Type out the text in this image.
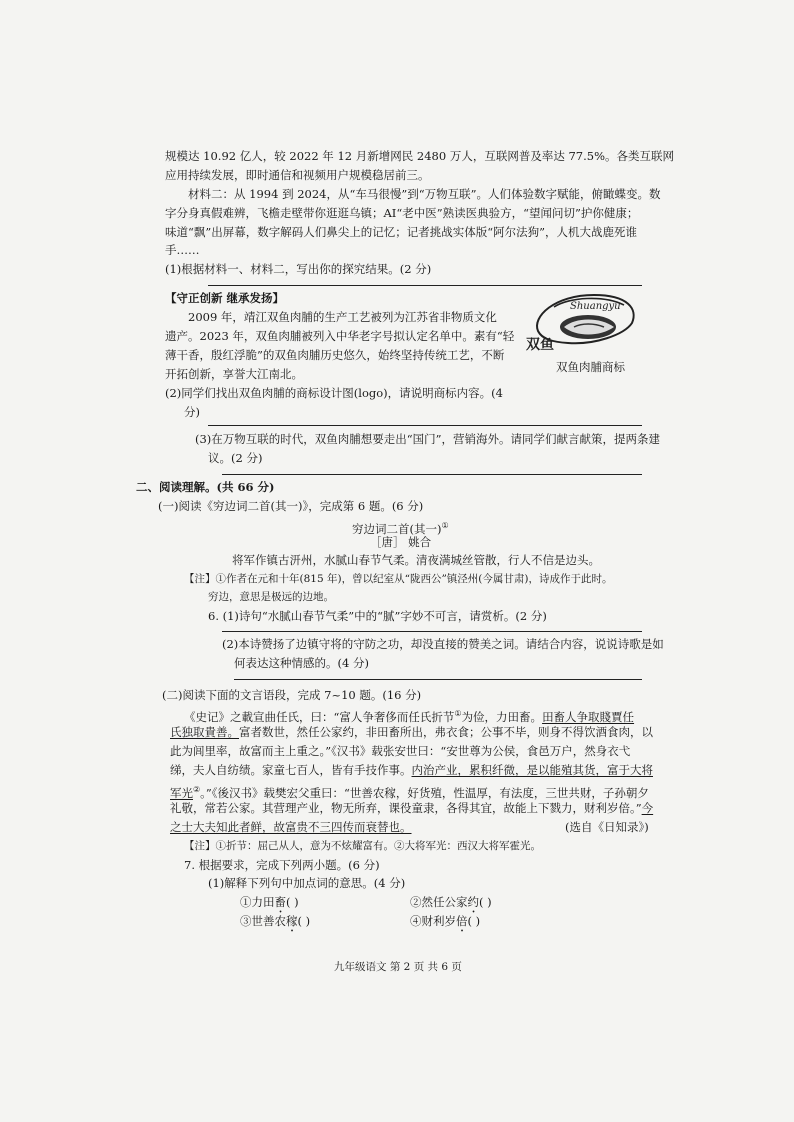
规模达 10.92 亿人，较 2022 年 12 月新增网民 2480 万人，互联网普及率达 77.5%。各类互联网
应用持续发展，即时通信和视频用户规模稳居前三。
材料二：从 1994 到 2024，从“车马很慢”到“万物互联”。人们体验数字赋能，俯瞰蝶变。数
字分身真假难辨，飞檐走壁带你逛逛乌镇；AI“老中医”熟读医典验方，“望闻问切”护你健康；
味道“飘”出屏幕，数字解码人们鼻尖上的记忆；记者挑战实体版“阿尔法狗”，人机大战鹿死谁
手……
(1)根据材料一、材料二，写出你的探究结果。(2 分)
【守正创新 继承发扬】
2009 年，靖江双鱼肉脯的生产工艺被列为江苏省非物质文化
遗产。2023 年，双鱼肉脯被列入中华老字号拟认定名单中。素有“轻
薄干香，殷红浮脆”的双鱼肉脯历史悠久，始终坚持传统工艺，不断
开拓创新，享誉大江南北。
(2)同学们找出双鱼肉脯的商标设计图(logo)，请说明商标内容。(4
分)
Shuangyu
双鱼
双鱼肉脯商标
(3)在万物互联的时代，双鱼肉脯想要走出“国门”，营销海外。请同学们献言献策，提两条建
议。(2 分)
二、阅读理解。(共 66 分)
(一)阅读《穷边词二首(其一)》，完成第 6 题。(6 分)
穷边词二首(其一)①
［唐］ 姚合
将军作镇古汧州，水腻山春节气柔。清夜满城丝管散，行人不信是边头。
【注】①作者在元和十年(815 年)，曾以纪室从“陇西公”镇泾州(今属甘肃)，诗成作于此时。
穷边，意思是极远的边地。
6. (1)诗句“水腻山春节气柔”中的“腻”字妙不可言，请赏析。(2 分)
(2)本诗赞扬了边镇守将的守防之功，却没直接的赞美之词。请结合内容，说说诗歌是如
何表达这种情感的。(4 分)
(二)阅读下面的文言语段，完成 7~10 题。(16 分)
《史记》之載宣曲任氏，曰：“富人争奢侈而任氏折节①为俭，力田畜。田畜人争取賤賈任
氏独取貴善。富者数世，然任公家约，非田畜所出，弗衣食；公事不毕，则身不得饮酒食肉，以
此为闾里率，故富而主上重之。”《汉书》载张安世曰：“安世尊为公侯，食邑万户，然身衣弋
绨，夫人自纺绩。家童七百人，皆有手技作事。内治产业，累积纤微，是以能殖其货，富于大将
军光②。”《後汉书》载樊宏父重曰：“世善农稼，好货殖，性温厚，有法度，三世共财，子孙朝夕
礼敬，常若公家。其营理产业，物无所弃，课役童隶，各得其宜，故能上下戮力，财利岁倍。”今
之士大夫知此者鲜，故富贵不三四传而衰替也。	(选自《日知录》)
【注】①折节：屈己从人，意为不炫耀富有。②大将军光：西汉大将军霍光。
7. 根据要求，完成下列两小题。(6 分)
(1)解释下列句中加点词的意思。(4 分)
①力田畜( )	②然任公家约( )
③世善农稼( )	④财利岁倍( )
九年级语文 第 2 页 共 6 页
